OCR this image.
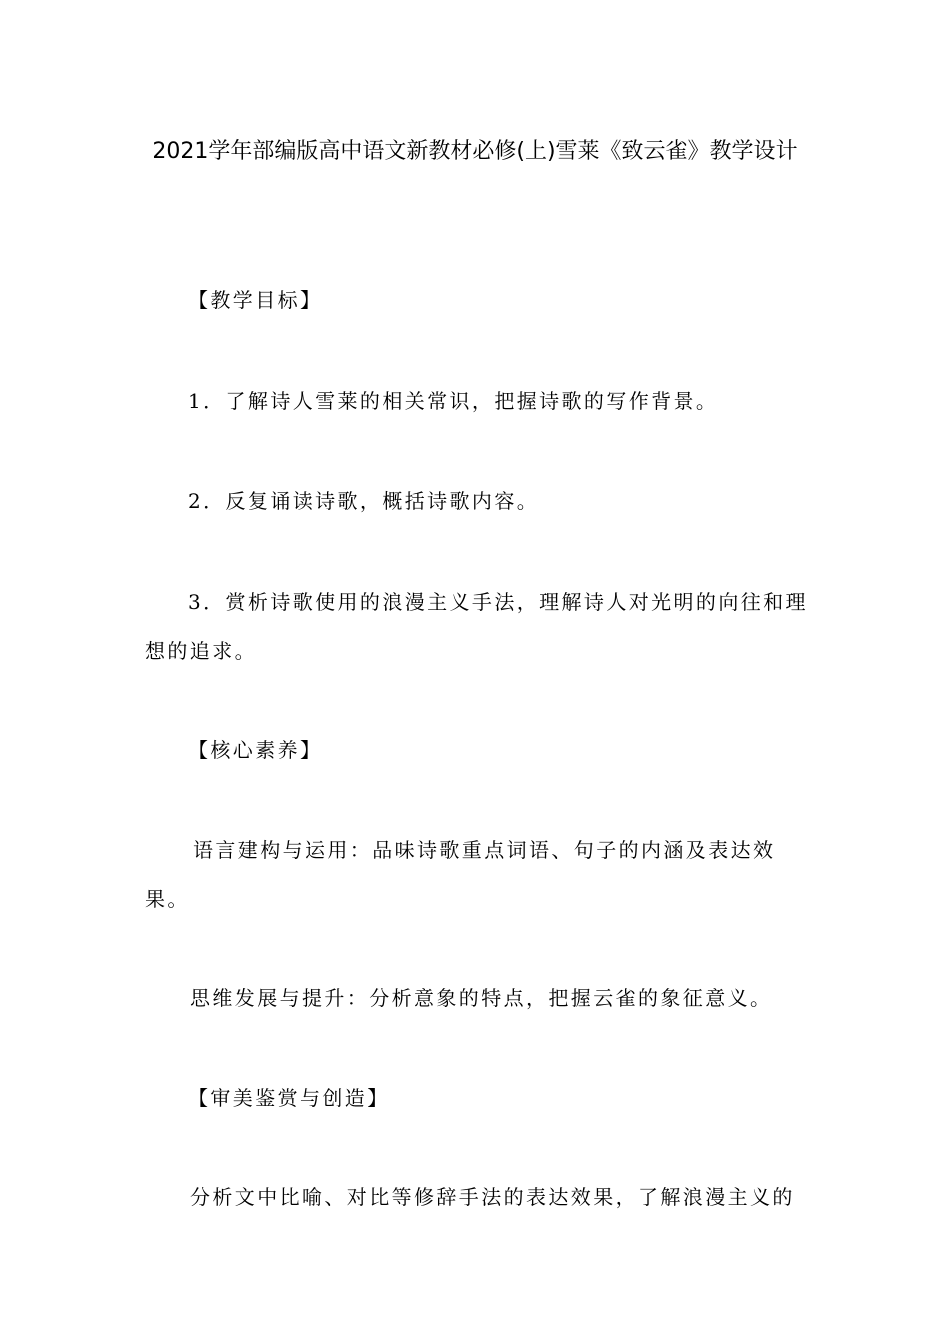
2021学年部编版高中语文新教材必修(上)雪莱《致云雀》教学设计
【教学目标】

1．了解诗人雪莱的相关常识，把握诗歌的写作背景。

2．反复诵读诗歌，概括诗歌内容。

3．赏析诗歌使用的浪漫主义手法，理解诗人对光明的向往和理想的追求。

【核心素养】

语言建构与运用：品味诗歌重点词语、句子的内涵及表达效果。

思维发展与提升：分析意象的特点，把握云雀的象征意义。

【审美鉴赏与创造】

分析文中比喻、对比等修辞手法的表达效果，了解浪漫主义的
